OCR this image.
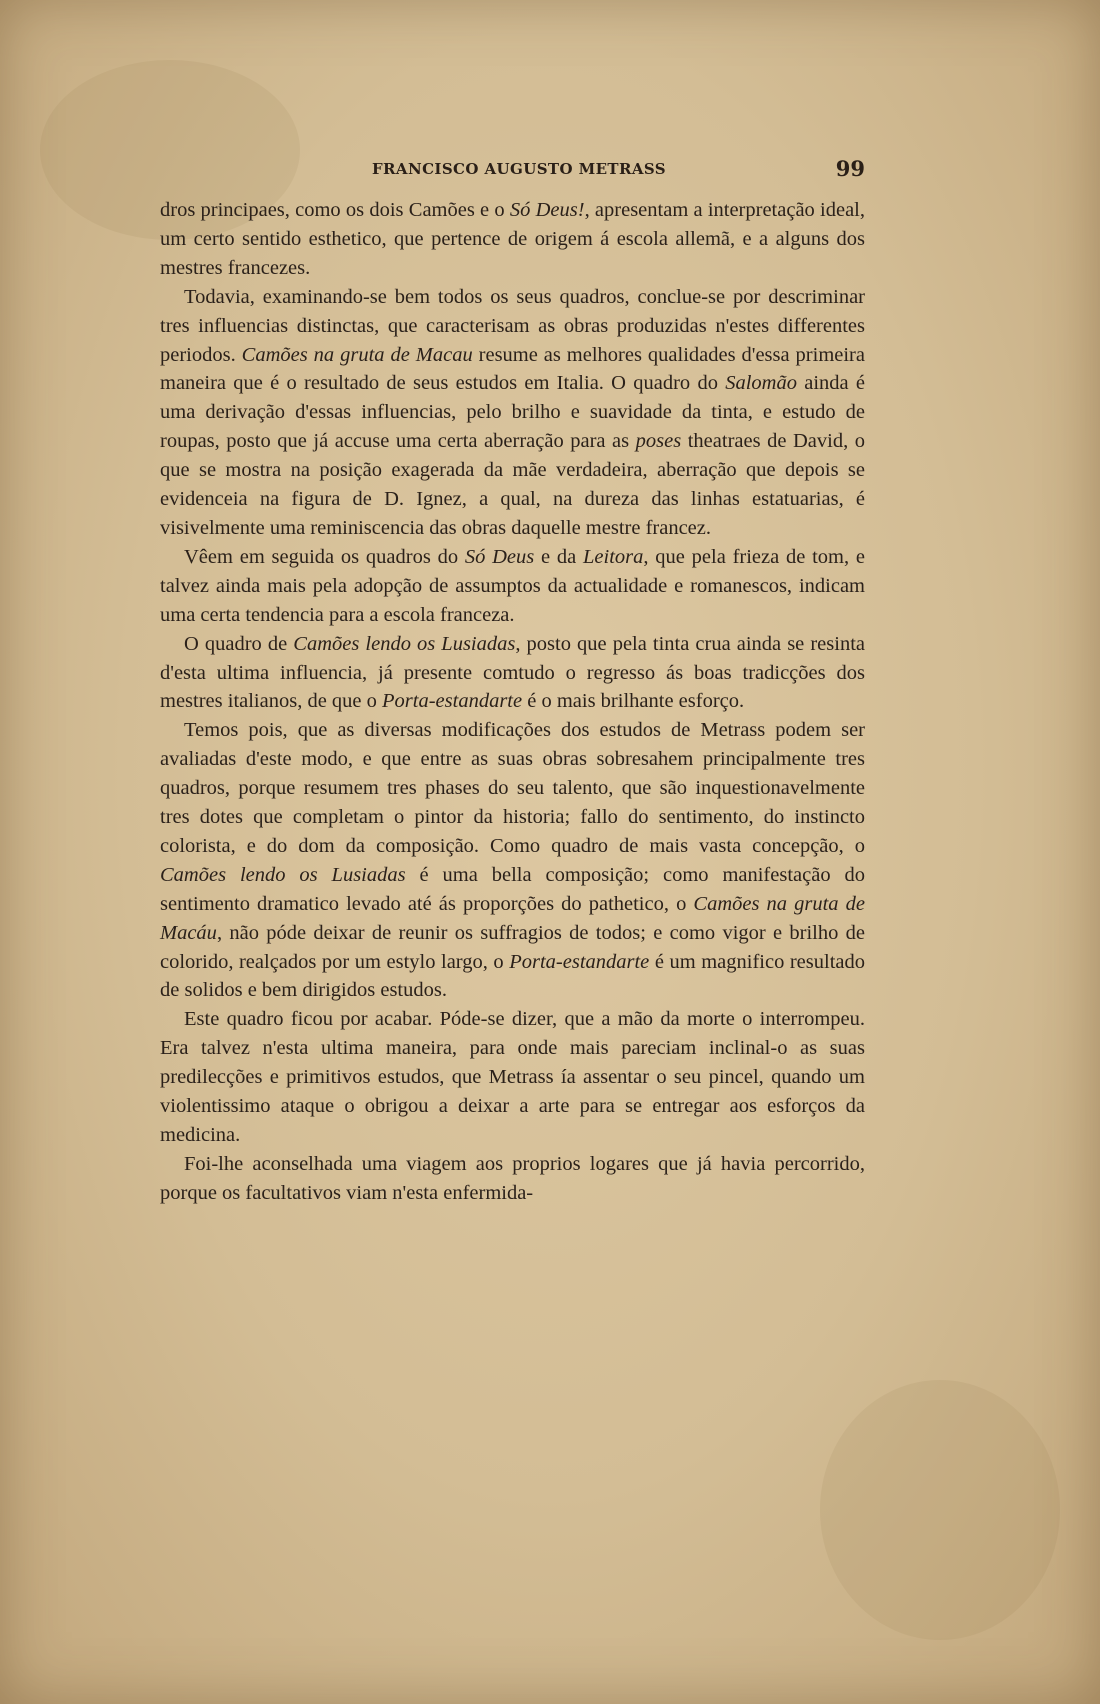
FRANCISCO AUGUSTO METRASS	99

dros principaes, como os dois Camões e o Só Deus!, apresentam a interpretação ideal, um certo sentido esthetico, que pertence de origem á escola allemã, e a alguns dos mestres francezes.

Todavia, examinando-se bem todos os seus quadros, conclue-se por descriminar tres influencias distinctas, que caracterisam as obras produzidas n'estes differentes periodos. Camões na gruta de Macau resume as melhores qualidades d'essa primeira maneira que é o resultado de seus estudos em Italia. O quadro do Salomão ainda é uma derivação d'essas influencias, pelo brilho e suavidade da tinta, e estudo de roupas, posto que já accuse uma certa aberração para as poses theatraes de David, o que se mostra na posição exagerada da mãe verdadeira, aberração que depois se evidenceia na figura de D. Ignez, a qual, na dureza das linhas estatuarias, é visivelmente uma reminiscencia das obras daquelle mestre francez.

Vêem em seguida os quadros do Só Deus e da Leitora, que pela frieza de tom, e talvez ainda mais pela adopção de assumptos da actualidade e romanescos, indicam uma certa tendencia para a escola franceza.

O quadro de Camões lendo os Lusiadas, posto que pela tinta crua ainda se resinta d'esta ultima influencia, já presente comtudo o regresso ás boas tradicções dos mestres italianos, de que o Porta-estandarte é o mais brilhante esforço.

Temos pois, que as diversas modificações dos estudos de Metrass podem ser avaliadas d'este modo, e que entre as suas obras sobresahem principalmente tres quadros, porque resumem tres phases do seu talento, que são inquestionavelmente tres dotes que completam o pintor da historia; fallo do sentimento, do instincto colorista, e do dom da composição. Como quadro de mais vasta concepção, o Camões lendo os Lusiadas é uma bella composição; como manifestação do sentimento dramatico levado até ás proporções do pathetico, o Camões na gruta de Macáu, não póde deixar de reunir os suffragios de todos; e como vigor e brilho de colorido, realçados por um estylo largo, o Porta-estandarte é um magnifico resultado de solidos e bem dirigidos estudos.

Este quadro ficou por acabar. Póde-se dizer, que a mão da morte o interrompeu. Era talvez n'esta ultima maneira, para onde mais pareciam inclinal-o as suas predilecções e primitivos estudos, que Metrass ía assentar o seu pincel, quando um violentissimo ataque o obrigou a deixar a arte para se entregar aos esforços da medicina.

Foi-lhe aconselhada uma viagem aos proprios logares que já havia percorrido, porque os facultativos viam n'esta enfermida-
